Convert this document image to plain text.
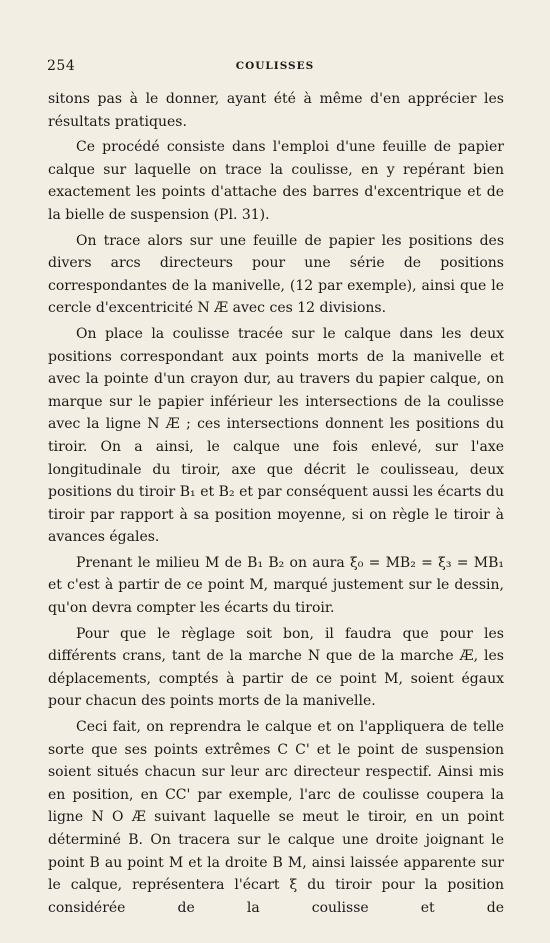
254	COULISSES

sitons pas à le donner, ayant été à même d'en apprécier les résultats pratiques.

Ce procédé consiste dans l'emploi d'une feuille de papier calque sur laquelle on trace la coulisse, en y repérant bien exactement les points d'attache des barres d'excentrique et de la bielle de suspension (Pl. 31).

On trace alors sur une feuille de papier les positions des divers arcs directeurs pour une série de positions correspondantes de la manivelle, (12 par exemple), ainsi que le cercle d'excentricité N Æ avec ces 12 divisions.

On place la coulisse tracée sur le calque dans les deux positions correspondant aux points morts de la manivelle et avec la pointe d'un crayon dur, au travers du papier calque, on marque sur le papier inférieur les intersections de la coulisse avec la ligne N Æ ; ces intersections donnent les positions du tiroir. On a ainsi, le calque une fois enlevé, sur l'axe longitudinale du tiroir, axe que décrit le coulisseau, deux positions du tiroir B₁ et B₂ et par conséquent aussi les écarts du tiroir par rapport à sa position moyenne, si on règle le tiroir à avances égales.

Prenant le milieu M de B₁ B₂ on aura ξ₀ = MB₂ = ξ₃ = MB₁ et c'est à partir de ce point M, marqué justement sur le dessin, qu'on devra compter les écarts du tiroir.

Pour que le règlage soit bon, il faudra que pour les différents crans, tant de la marche N que de la marche Æ, les déplacements, comptés à partir de ce point M, soient égaux pour chacun des points morts de la manivelle.

Ceci fait, on reprendra le calque et on l'appliquera de telle sorte que ses points extrêmes C C' et le point de suspension soient situés chacun sur leur arc directeur respectif. Ainsi mis en position, en CC' par exemple, l'arc de coulisse coupera la ligne N O Æ suivant laquelle se meut le tiroir, en un point déterminé B. On tracera sur le calque une droite joignant le point B au point M et la droite B M, ainsi laissée apparente sur le calque, représentera l'écart ξ du tiroir pour la position considérée de la coulisse et de
